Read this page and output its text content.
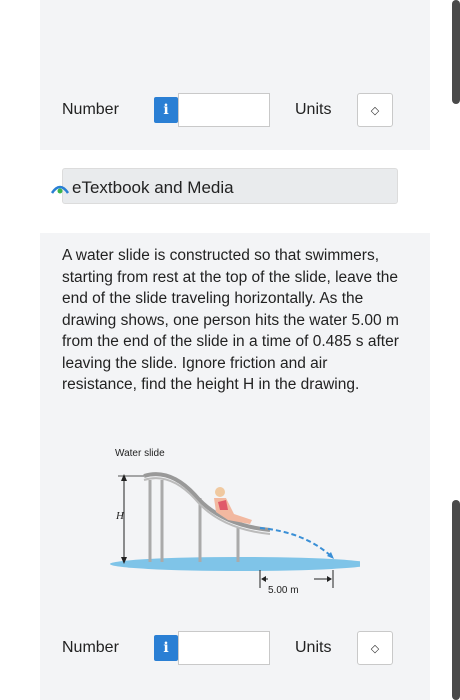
Number	i	Units	◇
eTextbook and Media

A water slide is constructed so that swimmers, starting from rest at the top of the slide, leave the end of the slide traveling horizontally. As the drawing shows, one person hits the water 5.00 m from the end of the slide in a time of 0.485 s after leaving the slide. Ignore friction and air resistance, find the height H in the drawing.

Water slide
H
5.00 m
Number	i	Units	◇
